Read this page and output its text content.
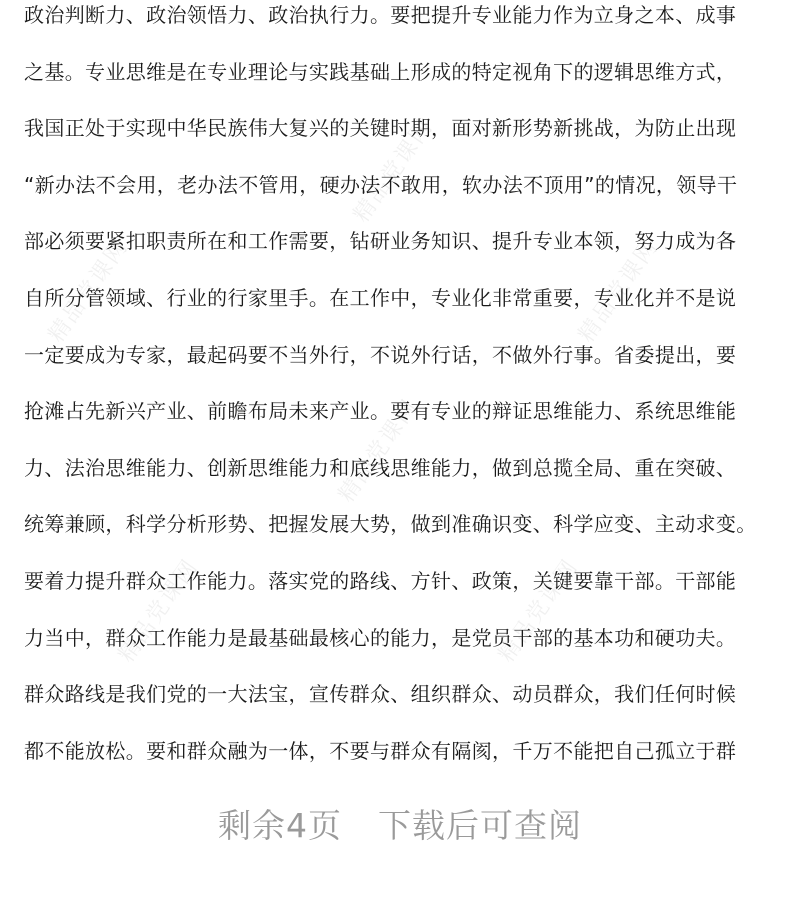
精品党课网
精品党课网
精品党课网
精品党课网
精品党课网	精品党课网
政治判断力、政治领悟力、政治执行力。要把提升专业能力作为立身之本、成事
之基。专业思维是在专业理论与实践基础上形成的特定视角下的逻辑思维方式，
我国正处于实现中华民族伟大复兴的关键时期，面对新形势新挑战，为防止出现
“新办法不会用，老办法不管用，硬办法不敢用，软办法不顶用”的情况，领导干
部必须要紧扣职责所在和工作需要，钻研业务知识、提升专业本领，努力成为各
自所分管领域、行业的行家里手。在工作中，专业化非常重要，专业化并不是说
一定要成为专家，最起码要不当外行，不说外行话，不做外行事。省委提出，要
抢滩占先新兴产业、前瞻布局未来产业。要有专业的辩证思维能力、系统思维能
力、法治思维能力、创新思维能力和底线思维能力，做到总揽全局、重在突破、
统筹兼顾，科学分析形势、把握发展大势，做到准确识变、科学应变、主动求变。
要着力提升群众工作能力。落实党的路线、方针、政策，关键要靠干部。干部能
力当中，群众工作能力是最基础最核心的能力，是党员干部的基本功和硬功夫。
群众路线是我们党的一大法宝，宣传群众、组织群众、动员群众，我们任何时候
都不能放松。要和群众融为一体，不要与群众有隔阂，千万不能把自己孤立于群
剩余4页 下载后可查阅
